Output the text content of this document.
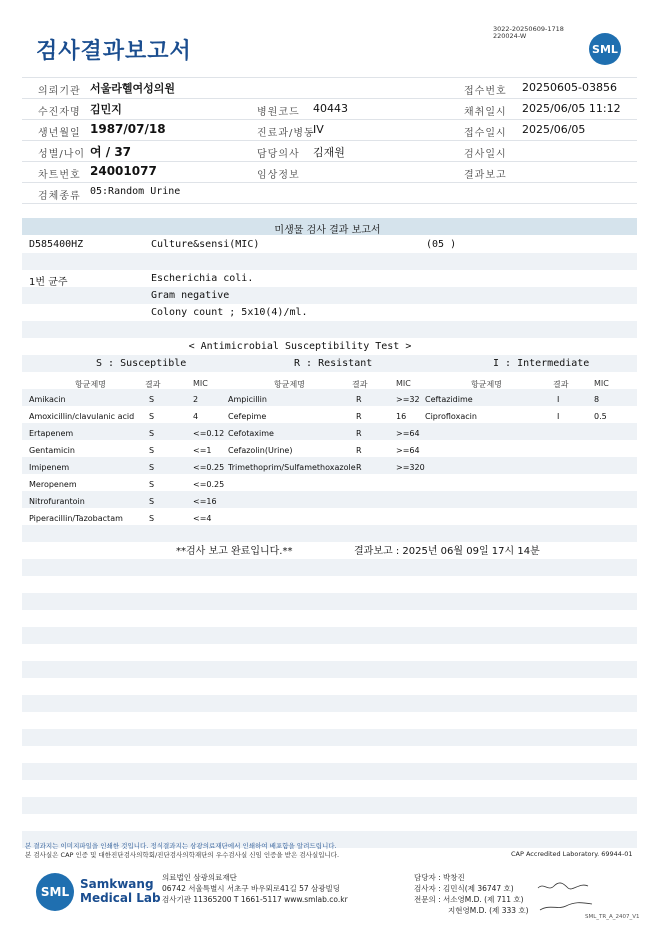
3022-20250609-1718
220024-W
검사결과보고서	SML
의뢰기관 서울라헬여성의원	접수번호 20250605-03856
수진자명 김민지	병원코드 40443	채취일시 2025/06/05 11:12
생년월일 1987/07/18	진료과/병동
IV	접수일시 2025/06/05
성별/나이 여 / 37	담당의사 김재원	검사일시
차트번호 24001077	임상정보	결과보고
검체종류 05:Random Urine
미생물 검사 결과 보고서
D585400HZ	Culture&sensi(MIC)	(05 )
1번 균주	Escherichia coli.
Gram negative
Colony count ; 5x10(4)/ml.
< Antimicrobial Susceptibility Test >
S : Susceptible	R : Resistant	I : Intermediate
항균제명	결과	MIC	항균제명	결과	MIC	항균제명	결과	MIC
Amikacin	S	2	Ampicillin	R	>=32 Ceftazidime	I	8
Amoxicillin/clavulanic acid S	4	Cefepime	R	16 Ciprofloxacin	I	0.5
Ertapenem	S	<=0.12 Cefotaxime	R	>=64
Gentamicin	S	<=1 Cefazolin(Urine)	R	>=64
Imipenem	S	<=0.25 Trimethoprim/Sulfamethoxazole R	>=320
Meropenem	S	<=0.25
Nitrofurantoin	S	<=16
Piperacillin/Tazobactam	S	<=4
**검사 보고 완료입니다.**	결과보고 : 2025년 06월 09일 17시 14분
본 결과지는 이미지파일을 인쇄한 것입니다. 정식결과지는 삼광의료재단에서 인쇄하여 배포함을 알려드립니다.
본 검사실은 CAP 인증 및 대한진단검사의학회/진단검사의학재단의 우수검사실 신임 인증을 받은 검사실입니다.	CAP Accredited Laboratory. 69944-01
SML
Samkwang
Medical Lab
의료법인 삼광의료재단
06742 서울특별시 서초구 바우뫼로41길 57 삼광빌딩
검사기관 11365200 T 1661-5117 www.smlab.co.kr
담당자 : 박창진
검사자 : 김민식(제 36747 호)
전문의 : 서소영M.D. (제 711 호)
지현영M.D. (제 333 호)
SML_TR_A_2407_V1
